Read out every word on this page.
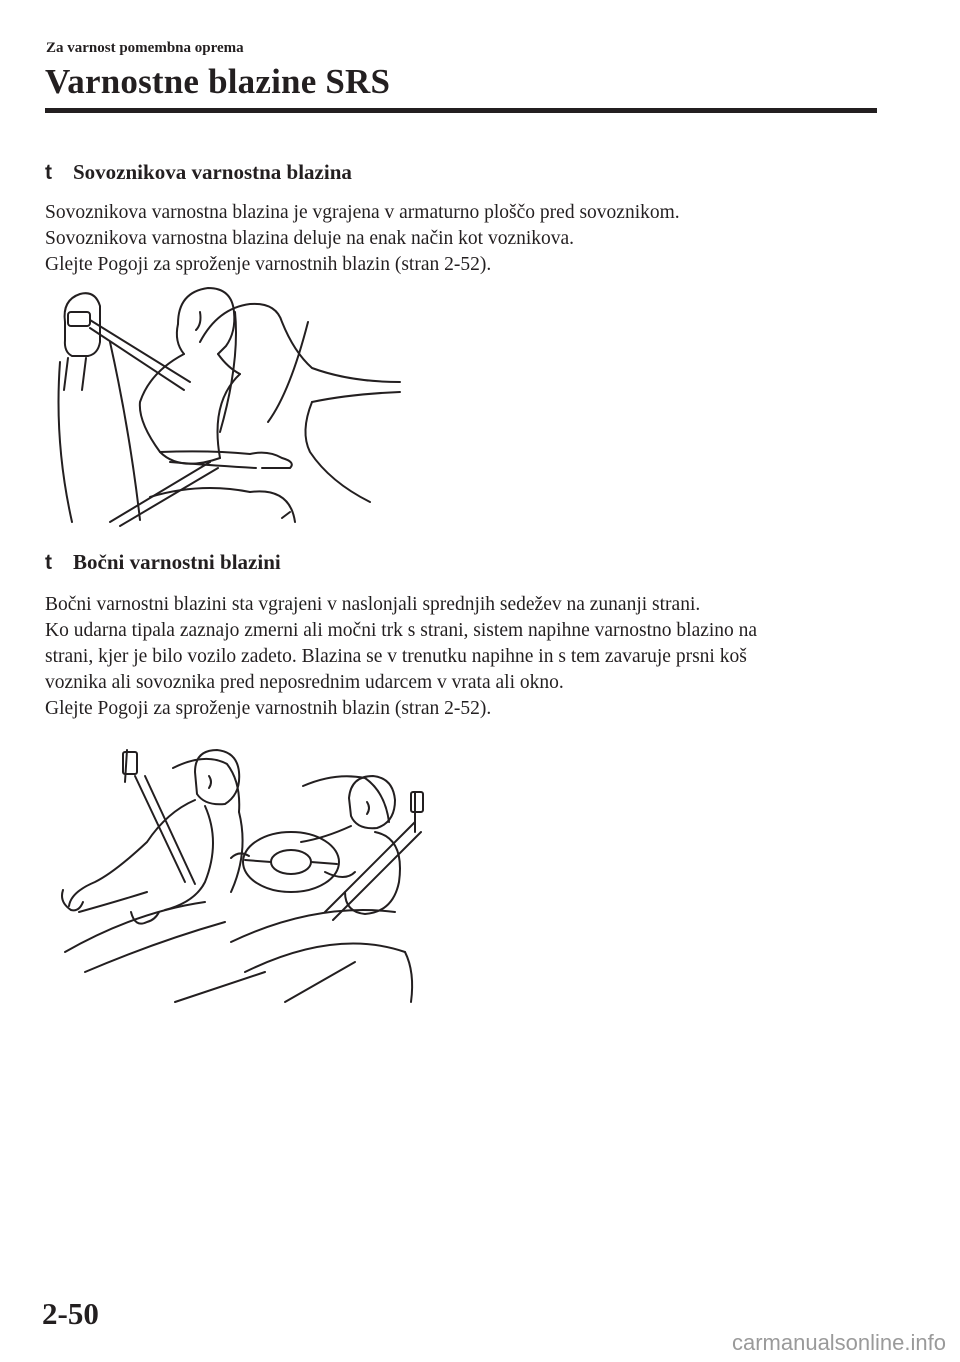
Za varnost pomembna oprema
Varnostne blazine SRS
t Sovoznikova varnostna blazina
Sovoznikova varnostna blazina je vgrajena v armaturno ploščo pred sovoznikom.
Sovoznikova varnostna blazina deluje na enak način kot voznikova.
Glejte Pogoji za sproženje varnostnih blazin (stran 2-52).
t Bočni varnostni blazini
Bočni varnostni blazini sta vgrajeni v naslonjali sprednjih sedežev na zunanji strani.
Ko udarna tipala zaznajo zmerni ali močni trk s strani, sistem napihne varnostno blazino na
strani, kjer je bilo vozilo zadeto. Blazina se v trenutku napihne in s tem zavaruje prsni koš
voznika ali sovoznika pred neposrednim udarcem v vrata ali okno.
Glejte Pogoji za sproženje varnostnih blazin (stran 2-52).
2-50
carmanualsonline.info
